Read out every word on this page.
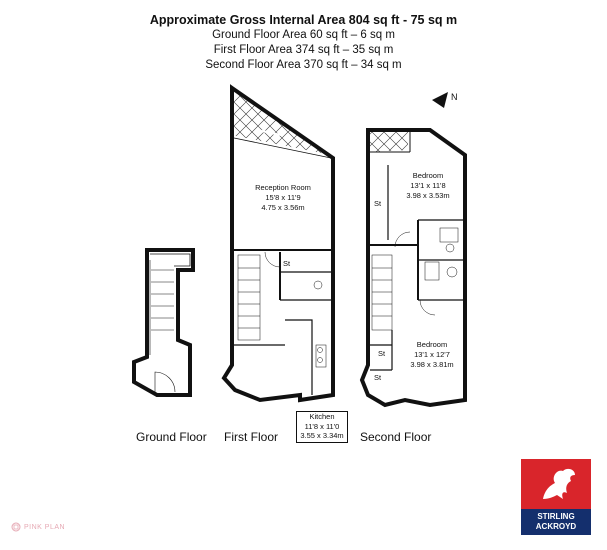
Approximate Gross Internal Area 804 sq ft - 75 sq m
Ground Floor Area 60 sq ft – 6 sq m
First Floor Area 374 sq ft – 35 sq m
Second Floor Area 370 sq ft – 34 sq m
N
St
Reception Room
15'8 x 11'9
4.75 x 3.56m	St
St
St
Bedroom
13'1 x 11'8
3.98 x 3.53m
Bedroom
13'1 x 12'7
3.98 x 3.81m
Kitchen
11'8 x 11'0
3.55 x 3.34m
Ground Floor First Floor	Second Floor
STIRLING
ACKROYD
PINK PLAN
